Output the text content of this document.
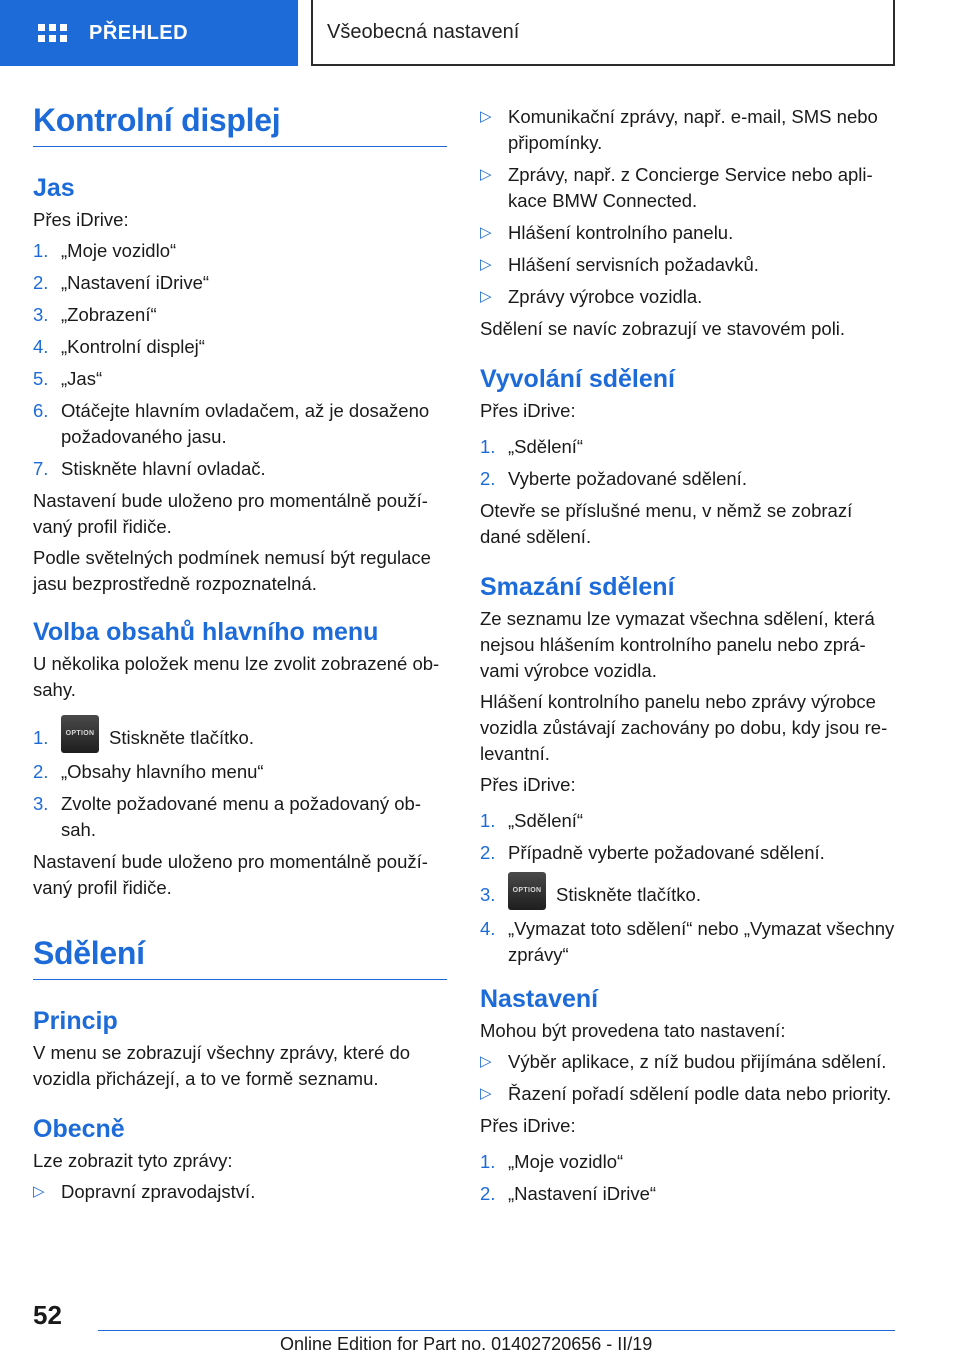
PŘEHLED	Všeobecná nastavení
Kontrolní displej
Jas

Přes iDrive:

1. „Moje vozidlo“
2. „Nastavení iDrive“
3. „Zobrazení“
4. „Kontrolní displej“
5. „Jas“
6. Otáčejte hlavním ovladačem, až je dosaženo požadovaného jasu.
7. Stiskněte hlavní ovladač.

Nastavení bude uloženo pro momentálně používaný profil řidiče.

Podle světelných podmínek nemusí být regulace jasu bezprostředně rozpoznatelná.

Volba obsahů hlavního menu

U několika položek menu lze zvolit zobrazené obsahy.

1.	OPTION Stiskněte tlačítko.
2. „Obsahy hlavního menu“
3. Zvolte požadované menu a požadovaný obsah.

Nastavení bude uloženo pro momentálně používaný profil řidiče.

Sdělení
Princip

V menu se zobrazují všechny zprávy, které do vozidla přicházejí, a to ve formě seznamu.

Obecně

Lze zobrazit tyto zprávy:

▷ Dopravní zpravodajství.
▷ Komunikační zprávy, např. e-mail, SMS nebo připomínky.
▷ Zprávy, např. z Concierge Service nebo aplikace BMW Connected.
▷ Hlášení kontrolního panelu.
▷ Hlášení servisních požadavků.
▷ Zprávy výrobce vozidla.

Sdělení se navíc zobrazují ve stavovém poli.

Vyvolání sdělení

Přes iDrive:

1. „Sdělení“
2. Vyberte požadované sdělení.

Otevře se příslušné menu, v němž se zobrazí dané sdělení.

Smazání sdělení

Ze seznamu lze vymazat všechna sdělení, která nejsou hlášením kontrolního panelu nebo zprávami výrobce vozidla.

Hlášení kontrolního panelu nebo zprávy výrobce vozidla zůstávají zachovány po dobu, kdy jsou relevantní.

Přes iDrive:

1. „Sdělení“
2. Případně vyberte požadované sdělení.
3.	OPTION Stiskněte tlačítko.
4. „Vymazat toto sdělení“ nebo „Vymazat všechny zprávy“
Nastavení

Mohou být provedena tato nastavení:

▷ Výběr aplikace, z níž budou přijímána sdělení.
▷ Řazení pořadí sdělení podle data nebo priority.

Přes iDrive:

1. „Moje vozidlo“
2. „Nastavení iDrive“
52
Online Edition for Part no. 01402720656 - II/19
